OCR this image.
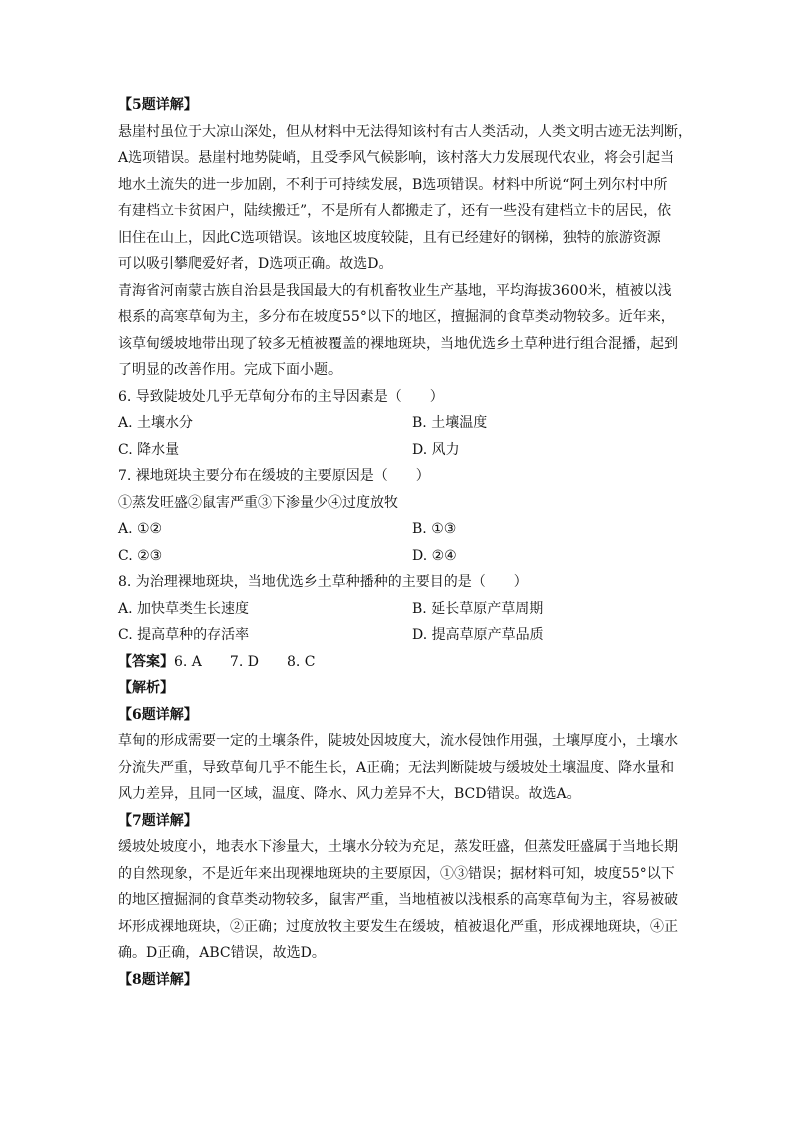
【5题详解】
悬崖村虽位于大凉山深处，但从材料中无法得知该村有古人类活动，人类文明古迹无法判断，
A选项错误。悬崖村地势陡峭，且受季风气候影响，该村落大力发展现代农业，将会引起当
地水土流失的进一步加剧，不利于可持续发展，B选项错误。材料中所说“阿土列尔村中所
有建档立卡贫困户，陆续搬迁”，不是所有人都搬走了，还有一些没有建档立卡的居民，依
旧住在山上，因此C选项错误。该地区坡度较陡，且有已经建好的钢梯，独特的旅游资源
可以吸引攀爬爱好者，D选项正确。故选D。
青海省河南蒙古族自治县是我国最大的有机畜牧业生产基地，平均海拔3600米，植被以浅
根系的高寒草甸为主，多分布在坡度55°以下的地区，擅掘洞的食草类动物较多。近年来，
该草甸缓坡地带出现了较多无植被覆盖的裸地斑块，当地优选乡土草种进行组合混播，起到
了明显的改善作用。完成下面小题。
6. 导致陡坡处几乎无草甸分布的主导因素是（　　）
A. 土壤水分	B. 土壤温度
C. 降水量	D. 风力
7. 裸地斑块主要分布在缓坡的主要原因是（　　）
①蒸发旺盛②鼠害严重③下渗量少④过度放牧
A. ①②	B. ①③
C. ②③	D. ②④
8. 为治理裸地斑块，当地优选乡土草种播种的主要目的是（　　）
A. 加快草类生长速度	B. 延长草原产草周期
C. 提高草种的存活率	D. 提高草原产草品质
【答案】6. A　　7. D　　8. C
【解析】
【6题详解】
草甸的形成需要一定的土壤条件，陡坡处因坡度大，流水侵蚀作用强，土壤厚度小，土壤水
分流失严重，导致草甸几乎不能生长，A正确；无法判断陡坡与缓坡处土壤温度、降水量和
风力差异，且同一区域，温度、降水、风力差异不大，BCD错误。故选A。
【7题详解】
缓坡处坡度小，地表水下渗量大，土壤水分较为充足，蒸发旺盛，但蒸发旺盛属于当地长期
的自然现象，不是近年来出现裸地斑块的主要原因，①③错误；据材料可知，坡度55°以下
的地区擅掘洞的食草类动物较多，鼠害严重，当地植被以浅根系的高寒草甸为主，容易被破
坏形成裸地斑块，②正确；过度放牧主要发生在缓坡，植被退化严重，形成裸地斑块，④正
确。D正确，ABC错误，故选D。
【8题详解】
